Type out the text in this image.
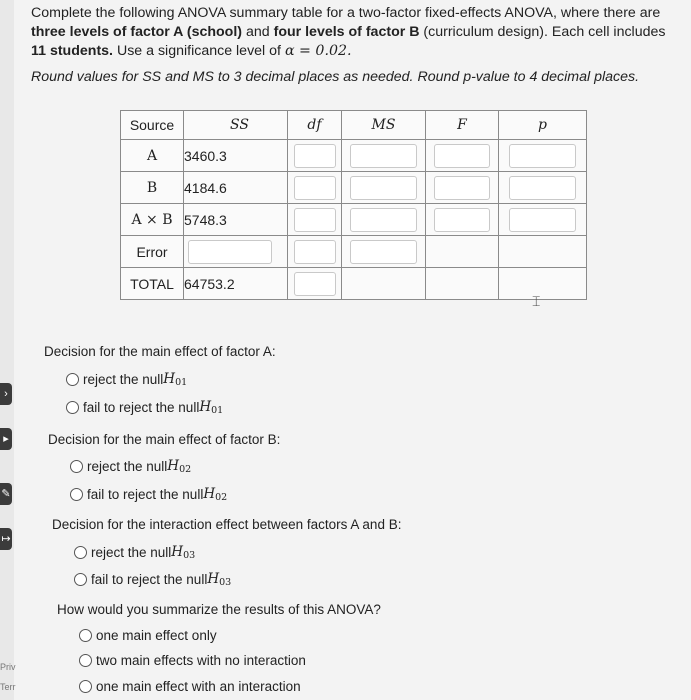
›
▸
✎
↦
Priv
Terr

Complete the following ANOVA summary table for a two-factor fixed-effects ANOVA, where there are three levels of factor A (school) and four levels of factor B (curriculum design). Each cell includes 11 students. Use a significance level of α = 0.02.

Round values for SS and MS to 3 decimal places as needed. Round p-value to 4 decimal places.

Source	SS	df	MS	F	p
A	3460.3	

B	4184.6	

A × B	5748.3	

Error	

TOTAL	64753.2	

⌶
Decision for the main effect of factor A:
reject the null H 01
fail to reject the null H 01
Decision for the main effect of factor B:
reject the null H 02
fail to reject the null H 02
Decision for the interaction effect between factors A and B:
reject the null H 03
fail to reject the null H 03
How would you summarize the results of this ANOVA?
one main effect only
two main effects with no interaction
one main effect with an interaction
